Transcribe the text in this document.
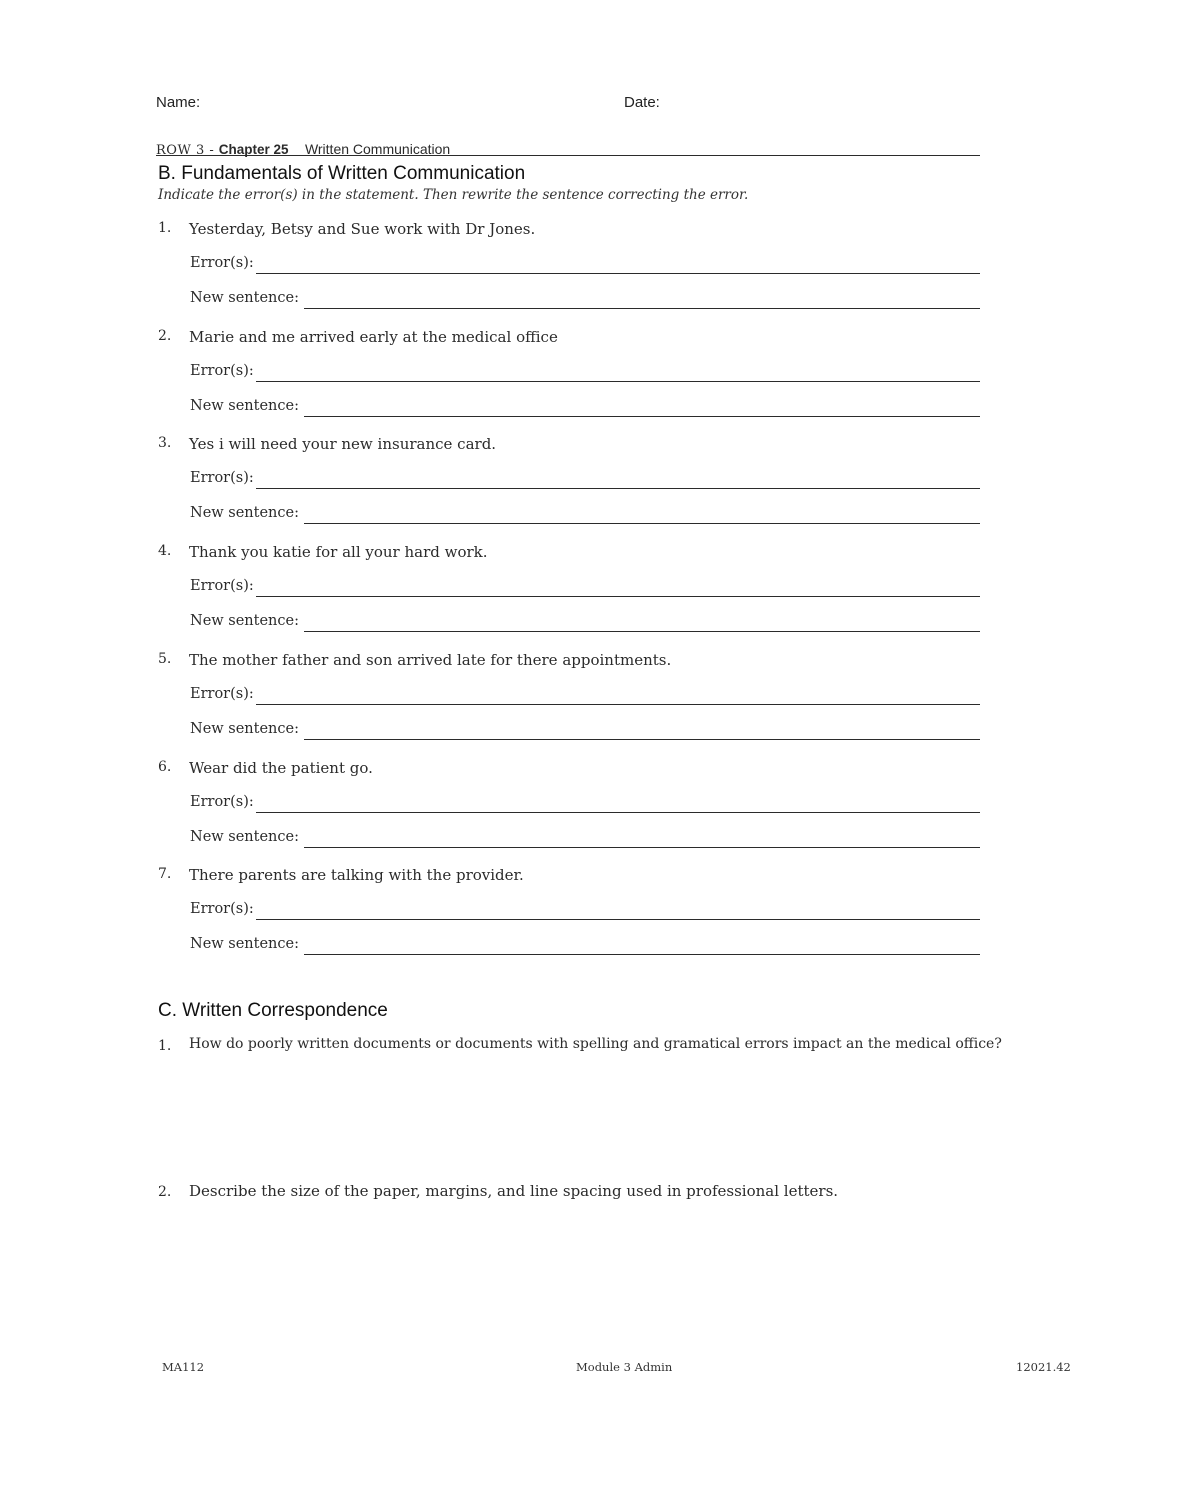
Name:	Date:
ROW 3 - Chapter 25 Written Communication
B. Fundamentals of Written Communication
Indicate the error(s) in the statement. Then rewrite the sentence correcting the error.
1. Yesterday, Betsy and Sue work with Dr Jones.
Error(s):
New sentence:
2. Marie and me arrived early at the medical office
Error(s):
New sentence:
3. Yes i will need your new insurance card.
Error(s):
New sentence:
4. Thank you katie for all your hard work.
Error(s):
New sentence:
5. The mother father and son arrived late for there appointments.
Error(s):
New sentence:
6. Wear did the patient go.
Error(s):
New sentence:
7. There parents are talking with the provider.
Error(s):
New sentence:
C. Written Correspondence
1. How do poorly written documents or documents with spelling and gramatical errors impact an the medical office?
2. Describe the size of the paper, margins, and line spacing used in professional letters.
MA112	Module 3 Admin	12021.42
